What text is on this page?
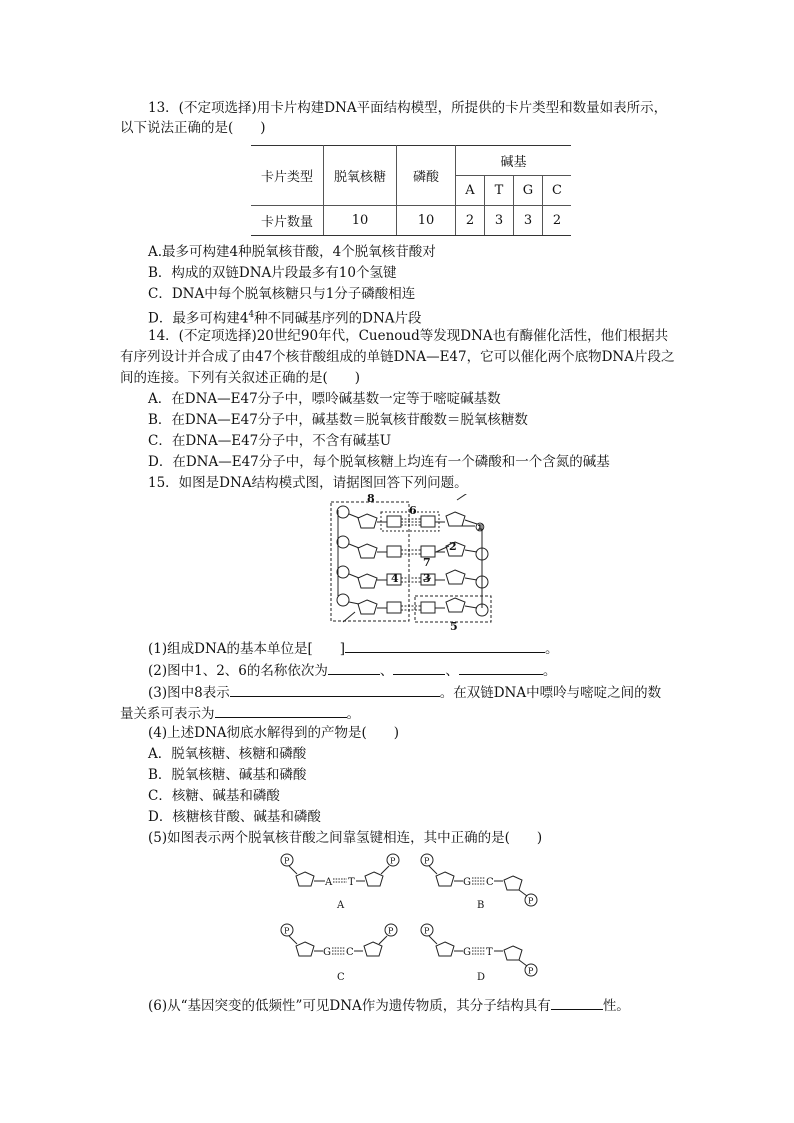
13．(不定项选择)用卡片构建DNA平面结构模型，所提供的卡片类型和数量如表所示，
以下说法正确的是(　　)
卡片类型	脱氧核糖	磷酸	碱基			
			A	T	G	C
卡片数量	10	10	2	3	3	2
A.最多可构建4种脱氧核苷酸，4个脱氧核苷酸对
B．构成的双链DNA片段最多有10个氢键
C．DNA中每个脱氧核糖只与1分子磷酸相连
D．最多可构建$4^4$种不同碱基序列的DNA片段
14．(不定项选择)20世纪90年代，Cuenoud等发现DNA也有酶催化活性，他们根据共
有序列设计并合成了由47个核苷酸组成的单链DNA—E47，它可以催化两个底物DNA片段之
间的连接。下列有关叙述正确的是(　　)
A．在DNA—E47分子中，嘌呤碱基数一定等于嘧啶碱基数
B．在DNA—E47分子中，碱基数＝脱氧核苷酸数＝脱氧核糖数
C．在DNA—E47分子中，不含有碱基U
D．在DNA—E47分子中，每个脱氧核糖上均连有一个磷酸和一个含氮的碱基
15．如图是DNA结构模式图，请据图回答下列问题。
8
6
①
2
7
3
4
5
(1)组成DNA的基本单位是[　　]	。
(2)图中1、2、6的名称依次为	、	、	。
(3)图中8表示	。在双链DNA中嘌呤与嘧啶之间的数
量关系可表示为	。
(4)上述DNA彻底水解得到的产物是(　　)
A．脱氧核糖、核糖和磷酸
B．脱氧核糖、碱基和磷酸
C．核糖、碱基和磷酸
D．核糖核苷酸、碱基和磷酸
(5)如图表示两个脱氧核苷酸之间靠氢键相连，其中正确的是(　　)
P
A T
P
A
P
G C
P
B
P
G C
P
C
P
G T
P
D
(6)从“基因突变的低频性”可见DNA作为遗传物质，其分子结构具有	性。
